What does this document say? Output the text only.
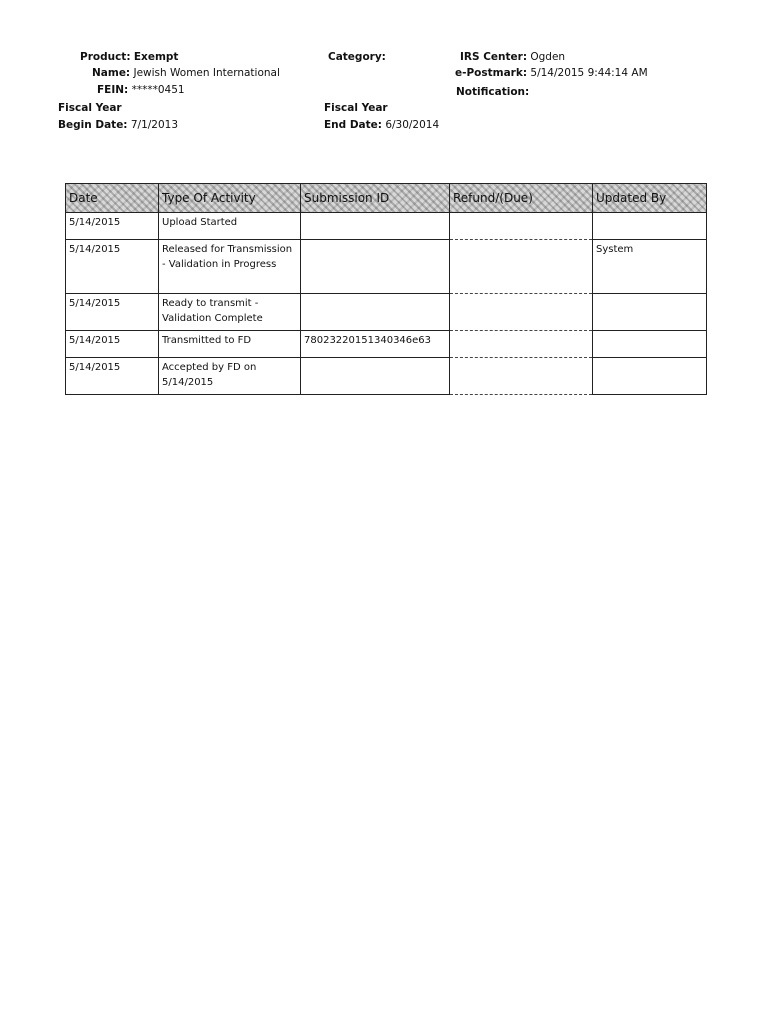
Product: Exempt
Name: Jewish Women International
FEIN: *****0451
Fiscal Year
Begin Date: 7/1/2013
Category:
Fiscal Year
End Date: 6/30/2014
IRS Center: Ogden
e-Postmark: 5/14/2015 9:44:14 AM
Notification:
Date	Type Of Activity	Submission ID	Refund/(Due)	Updated By
5/14/2015	Upload Started			
5/14/2015	Released for Transmission - Validation in Progress			System
5/14/2015	Ready to transmit - Validation Complete			
5/14/2015	Transmitted to FD	78023220151340346e63		
5/14/2015	Accepted by FD on 5/14/2015			
